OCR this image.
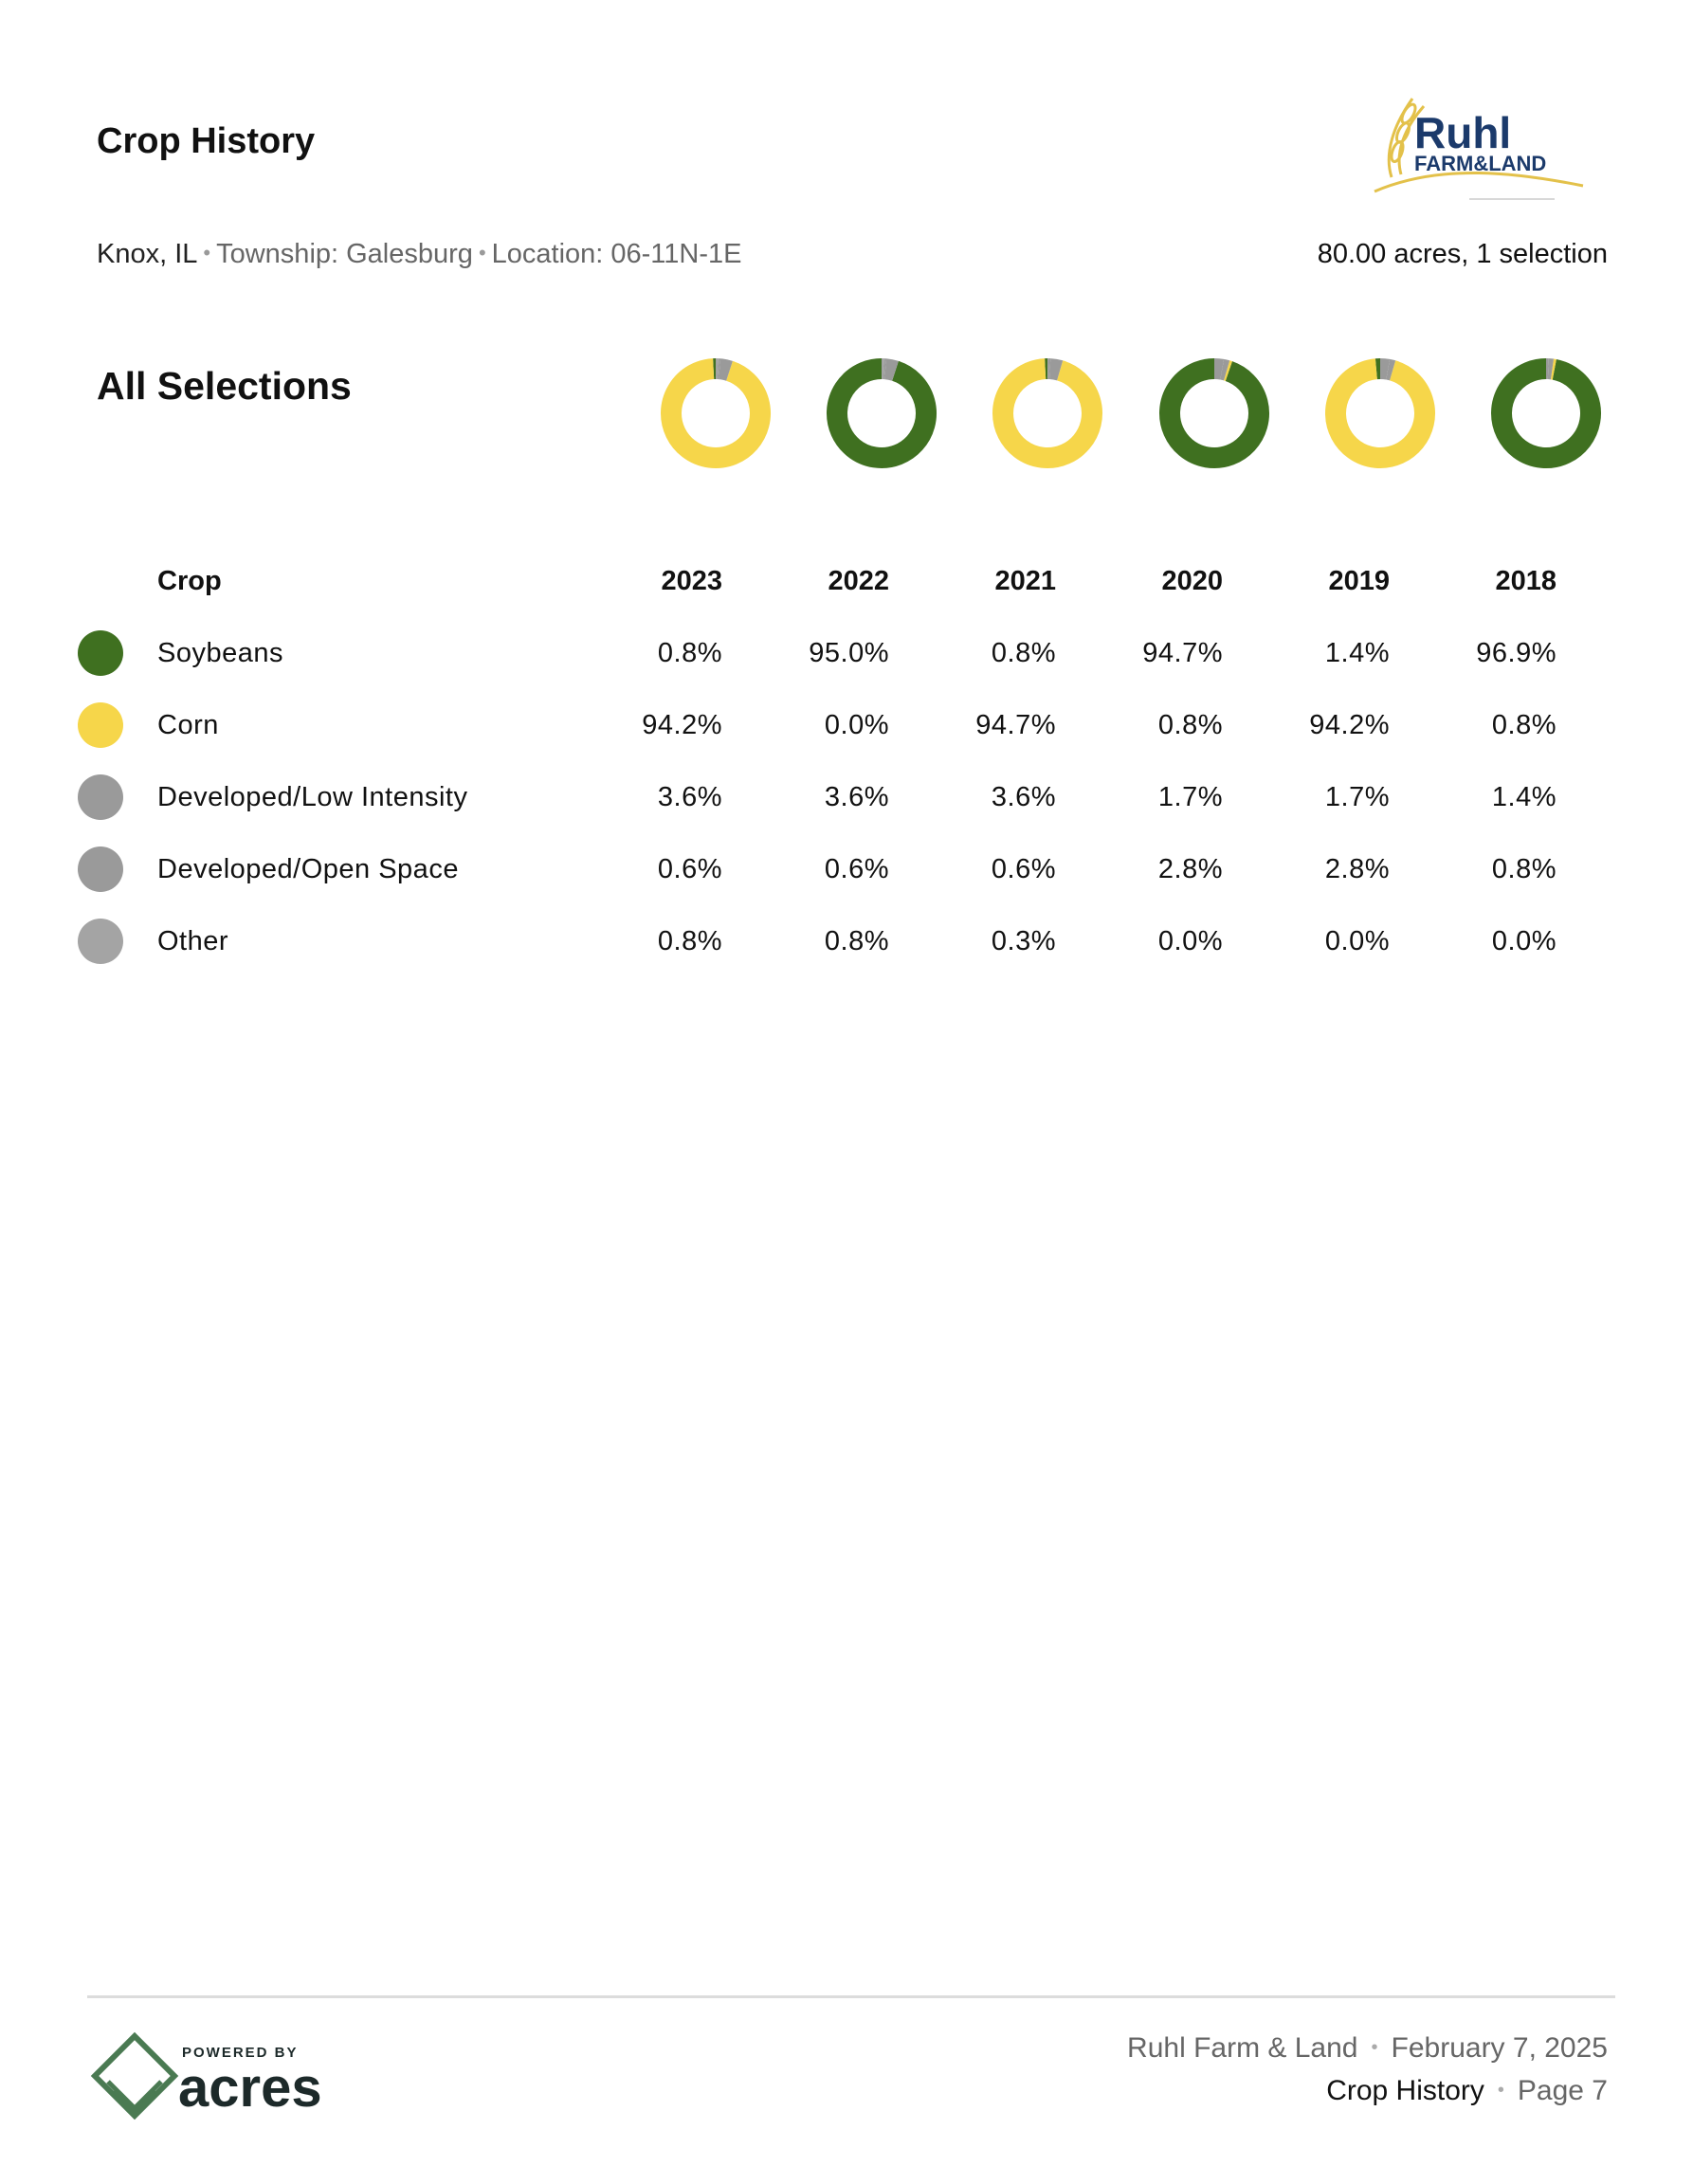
Crop History	Ruhl
FARM&LAND
Knox, IL • Township: Galesburg • Location: 06-11N-1E	80.00 acres, 1 selection
All Selections
	Crop	2023	2022	2021	2020	2019	2018
	Soybeans	0.8%	95.0%	0.8%	94.7%	1.4%	96.9%
	Corn	94.2%	0.0%	94.7%	0.8%	94.2%	0.8%
	Developed/Low Intensity	3.6%	3.6%	3.6%	1.7%	1.7%	1.4%
	Developed/Open Space	0.6%	0.6%	0.6%	2.8%	2.8%	0.8%
	Other	0.8%	0.8%	0.3%	0.0%	0.0%	0.0%
POWERED BY
acres
Ruhl Farm & Land • February 7, 2025
Crop History • Page 7
